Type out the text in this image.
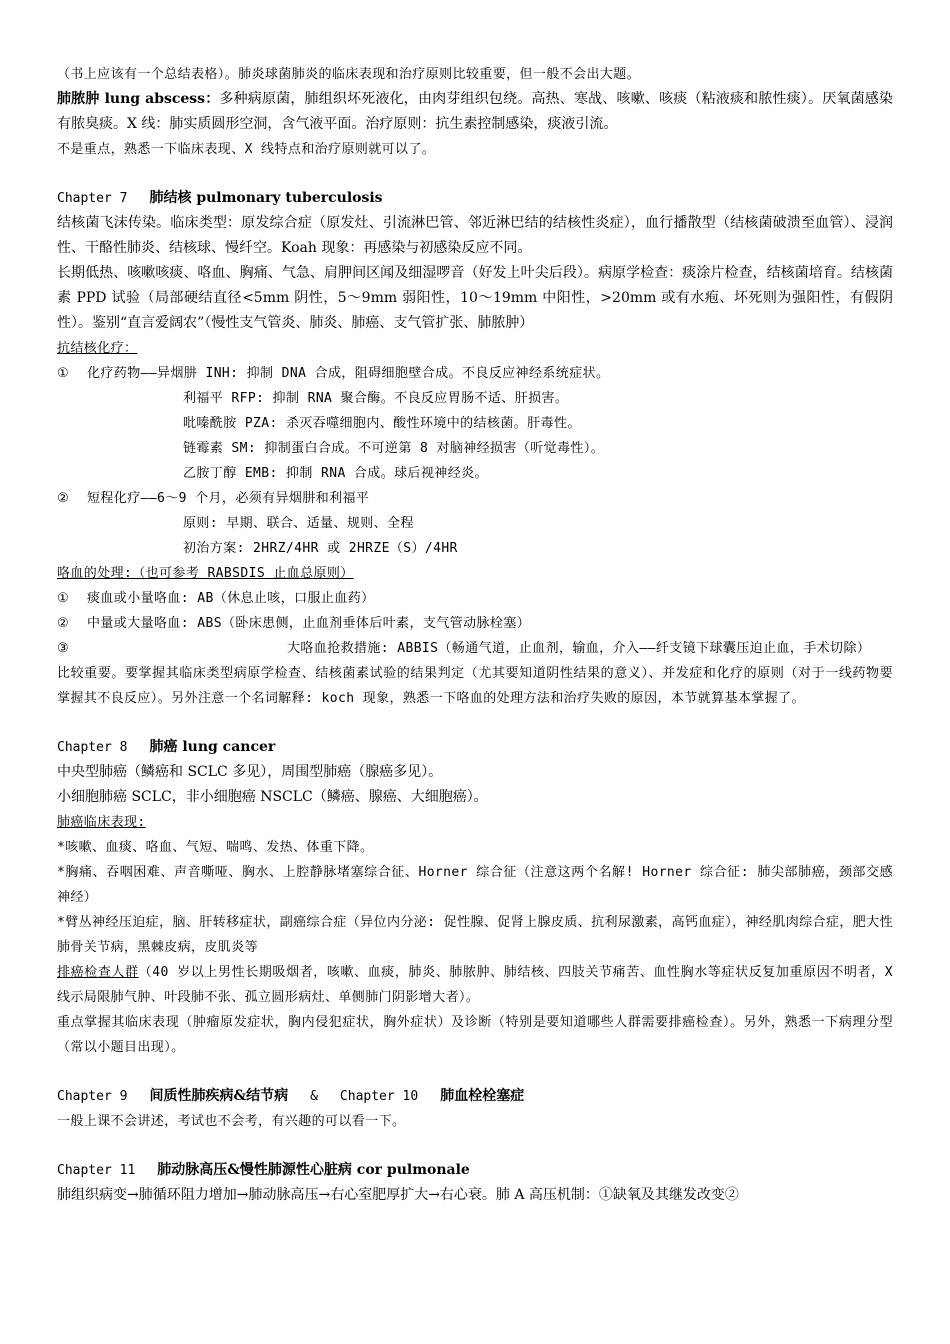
（书上应该有一个总结表格）。肺炎球菌肺炎的临床表现和治疗原则比较重要，但一般不会出大题。

肺脓肿 lung abscess：多种病原菌，肺组织坏死液化，由肉芽组织包绕。高热、寒战、咳嗽、咳痰（粘液痰和脓性痰）。厌氧菌感染有脓臭痰。X 线：肺实质圆形空洞，含气液平面。治疗原则：抗生素控制感染，痰液引流。

不是重点，熟悉一下临床表现、X 线特点和治疗原则就可以了。

Chapter 7 肺结核 pulmonary tuberculosis

结核菌飞沫传染。临床类型：原发综合症（原发灶、引流淋巴管、邻近淋巴结的结核性炎症），血行播散型（结核菌破溃至血管）、浸润性、干酪性肺炎、结核球、慢纤空。Koah 现象：再感染与初感染反应不同。

长期低热、咳嗽咳痰、咯血、胸痛、气急、肩胛间区闻及细湿啰音（好发上叶尖后段）。病原学检查：痰涂片检查，结核菌培育。结核菌素 PPD 试验（局部硬结直径<5mm 阴性，5～9mm 弱阳性，10～19mm 中阳性，>20mm 或有水疱、坏死则为强阳性，有假阴性）。鉴别“直言爱阔农”（慢性支气管炎、肺炎、肺癌、支气管扩张、肺脓肿）

抗结核化疗：

① 化疗药物——异烟肼 INH: 抑制 DNA 合成，阻碍细胞壁合成。不良反应神经系统症状。

利福平 RFP: 抑制 RNA 聚合酶。不良反应胃肠不适、肝损害。

吡嗪酰胺 PZA: 杀灭吞噬细胞内、酸性环境中的结核菌。肝毒性。

链霉素 SM: 抑制蛋白合成。不可逆第 8 对脑神经损害（听觉毒性）。

乙胺丁醇 EMB: 抑制 RNA 合成。球后视神经炎。

② 短程化疗——6～9 个月，必须有异烟肼和利福平

原则: 早期、联合、适量、规则、全程

初治方案: 2HRZ/4HR 或 2HRZE（S）/4HR

咯血的处理:（也可参考 RABSDIS 止血总原则）

① 痰血或小量咯血: AB（休息止咳，口服止血药）

② 中量或大量咯血: ABS（卧床患侧，止血剂垂体后叶素，支气管动脉栓塞）

③	大咯血抢救措施: ABBIS（畅通气道，止血剂，输血，介入——纤支镜下球囊压迫止血，手术切除）

比较重要。要掌握其临床类型病原学检查、结核菌素试验的结果判定（尤其要知道阴性结果的意义）、并发症和化疗的原则（对于一线药物要掌握其不良反应）。另外注意一个名词解释: koch 现象，熟悉一下咯血的处理方法和治疗失败的原因，本节就算基本掌握了。

Chapter 8 肺癌 lung cancer

中央型肺癌（鳞癌和 SCLC 多见），周围型肺癌（腺癌多见）。

小细胞肺癌 SCLC，非小细胞癌 NSCLC（鳞癌、腺癌、大细胞癌）。

肺癌临床表现:

*咳嗽、血痰、咯血、气短、喘鸣、发热、体重下降。

*胸痛、吞咽困难、声音嘶哑、胸水、上腔静脉堵塞综合征、Horner 综合征（注意这两个名解! Horner 综合征: 肺尖部肺癌，颈部交感神经）

*臂丛神经压迫症，脑、肝转移症状，副癌综合症（异位内分泌: 促性腺、促肾上腺皮质、抗利尿激素，高钙血症），神经肌肉综合症，肥大性肺骨关节病，黑棘皮病，皮肌炎等

排癌检查人群（40 岁以上男性长期吸烟者，咳嗽、血痰，肺炎、肺脓肿、肺结核、四肢关节痛苦、血性胸水等症状反复加重原因不明者，X 线示局限肺气肿、叶段肺不张、孤立圆形病灶、单侧肺门阴影增大者）。

重点掌握其临床表现（肿瘤原发症状，胸内侵犯症状，胸外症状）及诊断（特别是要知道哪些人群需要排癌检查）。另外，熟悉一下病理分型（常以小题目出现）。

Chapter 9 间质性肺疾病&结节病 & Chapter 10 肺血栓栓塞症

一般上课不会讲述，考试也不会考，有兴趣的可以看一下。

Chapter 11 肺动脉高压&慢性肺源性心脏病 cor pulmonale

肺组织病变→肺循环阻力增加→肺动脉高压→右心室肥厚扩大→右心衰。肺 A 高压机制：①缺氧及其继发改变②
